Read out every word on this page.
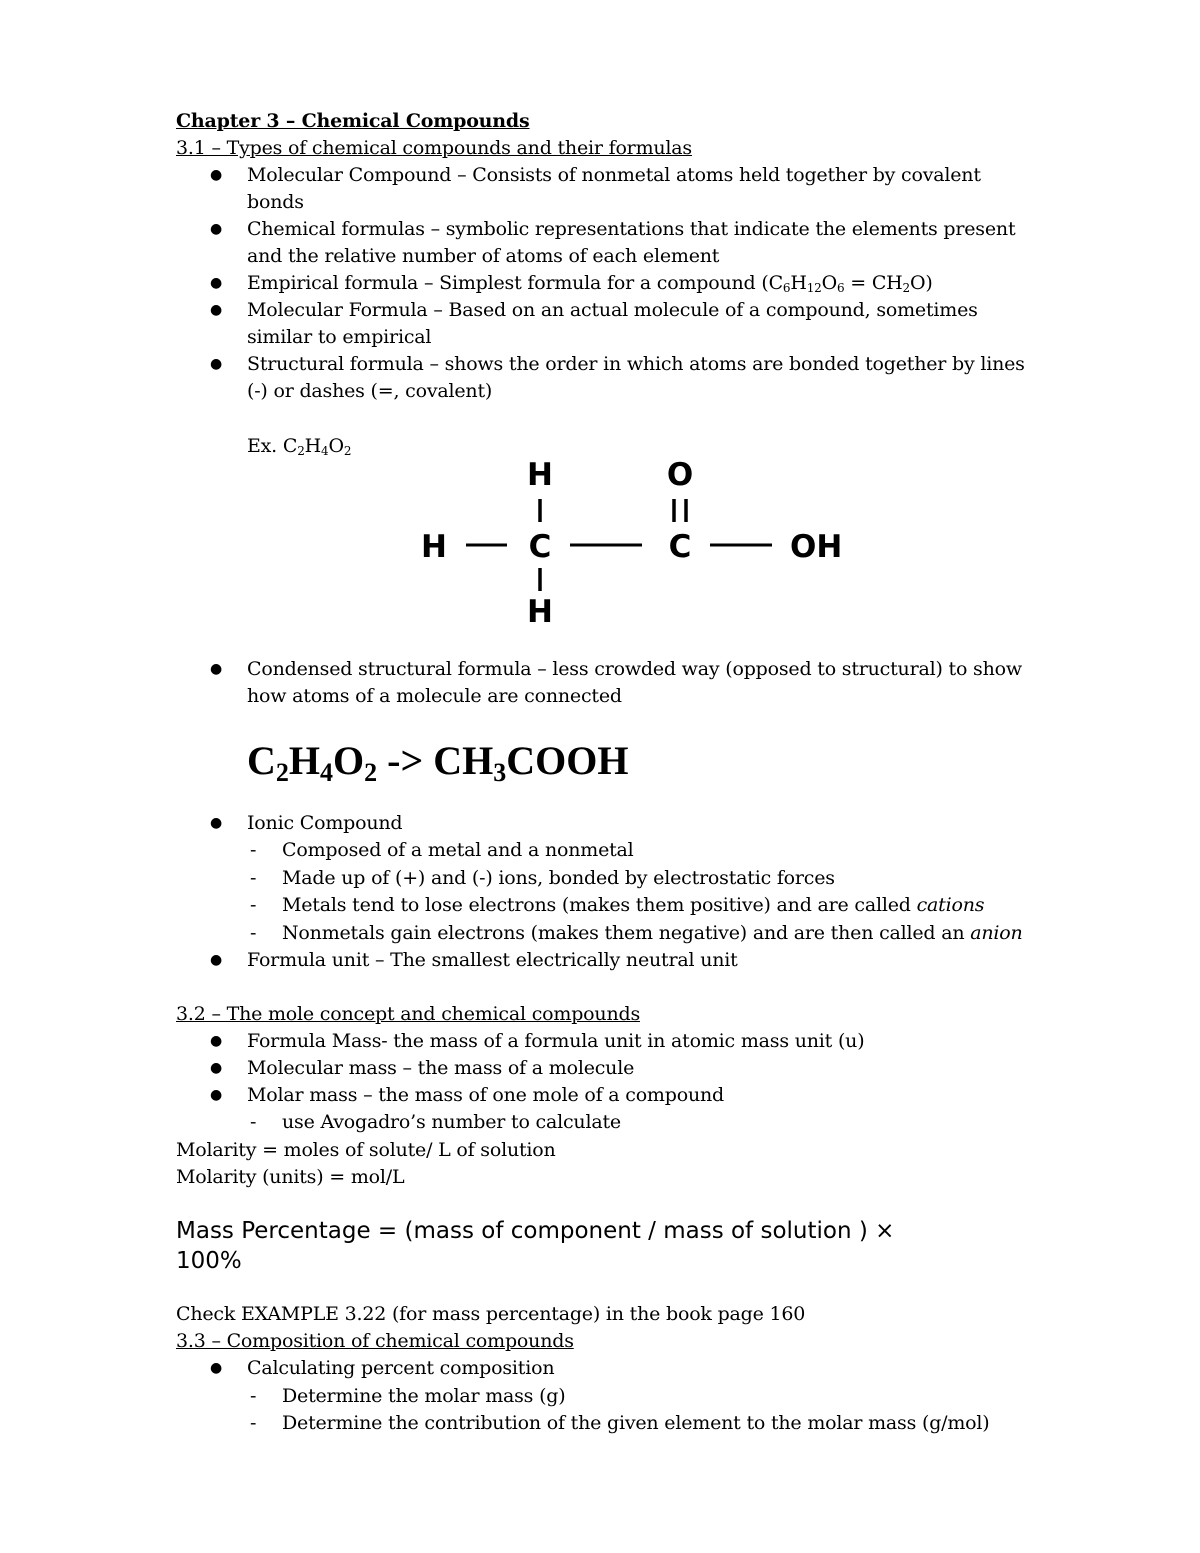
Chapter 3 – Chemical Compounds
3.1 – Types of chemical compounds and their formulas
● Molecular Compound – Consists of nonmetal atoms held together by covalent
bonds
● Chemical formulas – symbolic representations that indicate the elements present
and the relative number of atoms of each element
● Empirical formula – Simplest formula for a compound $(C_6H_{12}O_6 = CH_2O)$
● Molecular Formula – Based on an actual molecule of a compound, sometimes
similar to empirical
● Structural formula – shows the order in which atoms are bonded together by lines
(-) or dashes (=, covalent)
Ex. $C_2H_4O_2$
H	O
H	C	C	OH
H
● Condensed structural formula – less crowded way (opposed to structural) to show
how atoms of a molecule are connected
$C_2H_4O_2$ -> $CH_3COOH$
● Ionic Compound
- Composed of a metal and a nonmetal
- Made up of (+) and (-) ions, bonded by electrostatic forces
- Metals tend to lose electrons (makes them positive) and are called cations
- Nonmetals gain electrons (makes them negative) and are then called an anion
● Formula unit – The smallest electrically neutral unit
3.2 – The mole concept and chemical compounds
● Formula Mass- the mass of a formula unit in atomic mass unit (u)
● Molecular mass – the mass of a molecule
● Molar mass – the mass of one mole of a compound
- use Avogadro’s number to calculate
Molarity = moles of solute/ L of solution
Molarity (units) = mol/L
Mass Percentage = (mass of component / mass of solution ) ×
100%
Check EXAMPLE 3.22 (for mass percentage) in the book page 160
3.3 – Composition of chemical compounds
● Calculating percent composition
- Determine the molar mass (g)
- Determine the contribution of the given element to the molar mass (g/mol)
